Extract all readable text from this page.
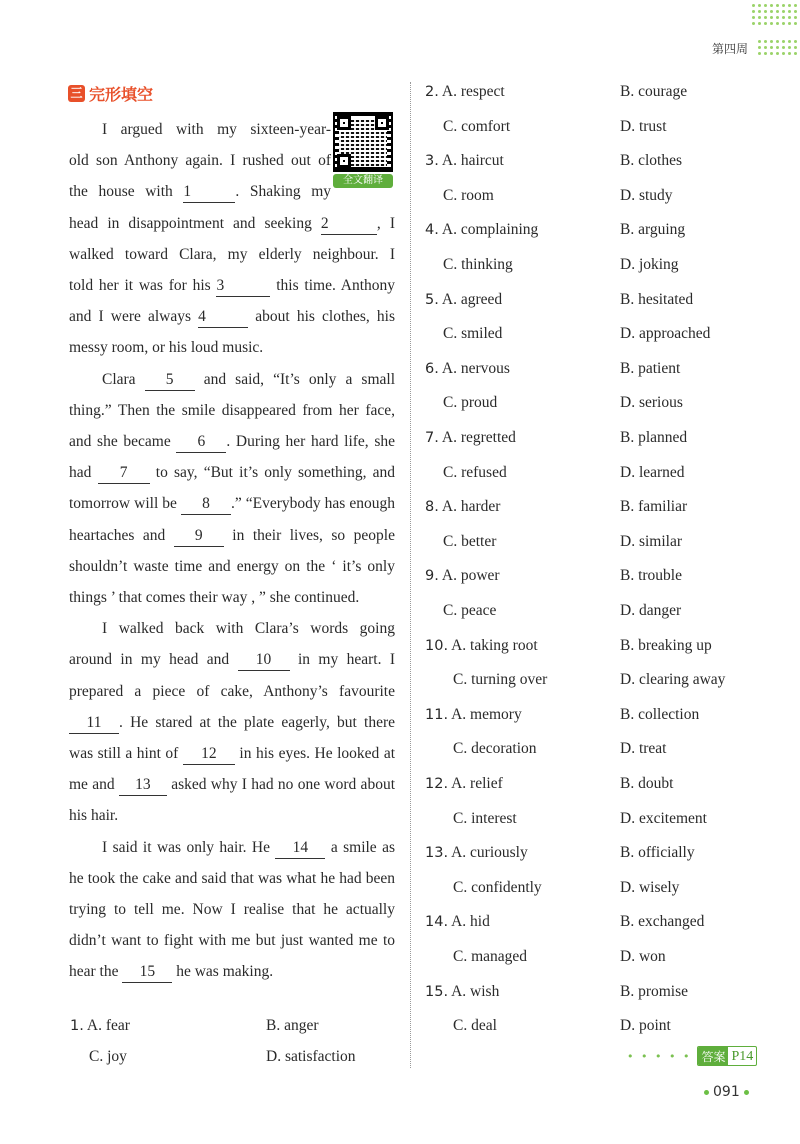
第四周
三 完形填空
全文翻译

I argued with my sixteen-year-
old son Anthony again. I rushed out of
the house with 1	. Shaking my
head in disappointment and seeking 2	, I
walked toward Clara, my elderly neighbour. I
told her it was for his 3	this time. Anthony
and I were always 4	about his clothes, his
messy room, or his loud music.

Clara 5 and said, “It’s only a small thing.” Then the smile disappeared from her face, and she became 6 . During her hard life, she had 7 to say, “But it’s only something, and tomorrow will be 8 .” “Everybody has enough heartaches and 9 in their lives, so people shouldn’t waste time and energy on the ‘ it’s only things ’ that comes their way , ” she continued.

I walked back with Clara’s words going around in my head and 10 in my heart. I prepared a piece of cake, Anthony’s favourite 11 . He stared at the plate eagerly, but there was still a hint of 12 in his eyes. He looked at me and 13 asked why I had no one word about his hair.

I said it was only hair. He 14 a smile as he took the cake and said that was what he had been trying to tell me. Now I realise that he actually didn’t want to fight with me but just wanted me to hear the 15 he was making.

1. A. fear	B. anger
C. joy	D. satisfaction
2. A. respect	B. courage
C. comfort	D. trust
3. A. haircut	B. clothes
C. room	D. study
4. A. complaining	B. arguing
C. thinking	D. joking
5. A. agreed	B. hesitated
C. smiled	D. approached
6. A. nervous	B. patient
C. proud	D. serious
7. A. regretted	B. planned
C. refused	D. learned
8. A. harder	B. familiar
C. better	D. similar
9. A. power	B. trouble
C. peace	D. danger
10. A. taking root	B. breaking up
C. turning over	D. clearing away
11. A. memory	B. collection
C. decoration	D. treat
12. A. relief	B. doubt
C. interest	D. excitement
13. A. curiously	B. officially
C. confidently	D. wisely
14. A. hid	B. exchanged
C. managed	D. won
15. A. wish	B. promise
C. deal	D. point
• • • • • 答案 P14
091
